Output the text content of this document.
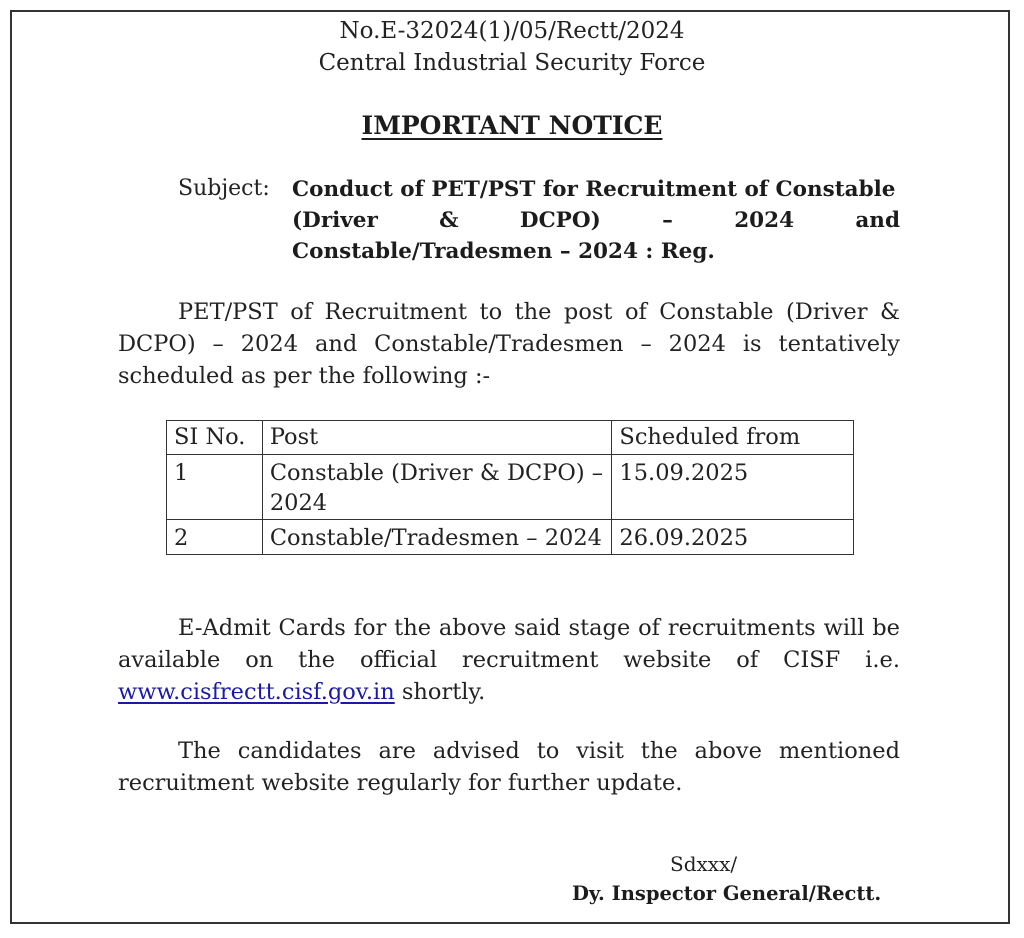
No.E-32024(1)/05/Rectt/2024
Central Industrial Security Force
IMPORTANT NOTICE
Subject: Conduct of PET/PST for Recruitment of Constable
(Driver	&	DCPO)	–	2024	and
Constable/Tradesmen – 2024 : Reg.
PET/PST of Recruitment to the post of Constable (Driver & DCPO) – 2024 and Constable/Tradesmen – 2024 is tentatively scheduled as per the following :-
SI No.	Post	Scheduled from
1	Constable (Driver & DCPO) – 2024	15.09.2025
2	Constable/Tradesmen – 2024	26.09.2025
E-Admit Cards for the above said stage of recruitments will be available on the official recruitment website of CISF i.e. www.cisfrectt.cisf.gov.in shortly.
The candidates are advised to visit the above mentioned recruitment website regularly for further update.
Sdxxx/
Dy. Inspector General/Rectt.
